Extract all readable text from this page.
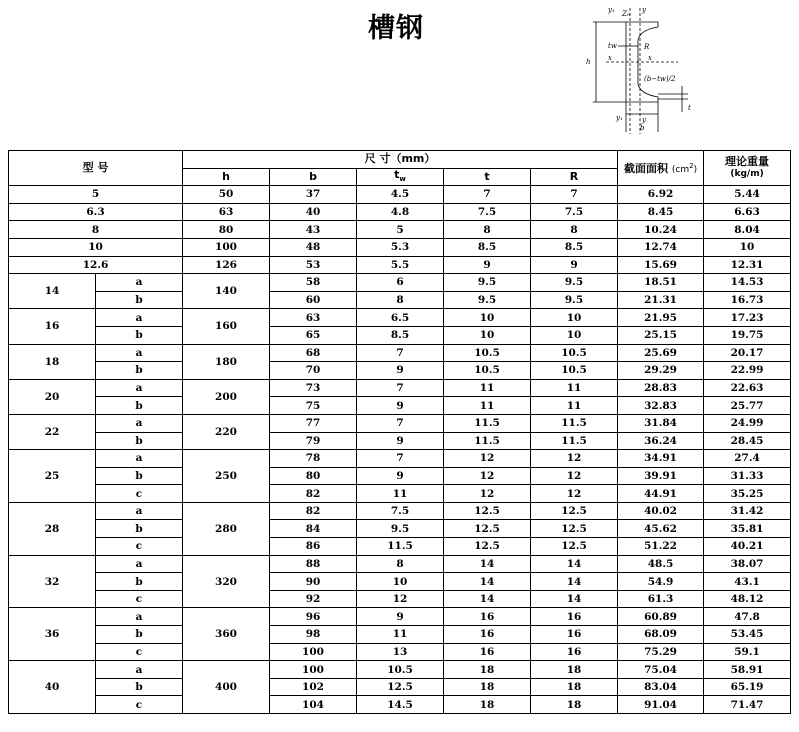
槽钢
y₁ Z₀ y
R
tw
x	x
h
(b−tw)/2
t
y₁	y
b
型 号		尺 寸（mm）					截面面积 $(cm^2)$	理论重量
(kg/m)

		h	b	$t_w$	t	R		
5		50	37	4.5	7	7	6.92	5.44
6.3		63	40	4.8	7.5	7.5	8.45	6.63
8		80	43	5	8	8	10.24	8.04
10		100	48	5.3	8.5	8.5	12.74	10
12.6		126	53	5.5	9	9	15.69	12.31
14	a	140	58	6	9.5	9.5	18.51	14.53
	b		60	8	9.5	9.5	21.31	16.73
16	a	160	63	6.5	10	10	21.95	17.23
	b		65	8.5	10	10	25.15	19.75
18	a	180	68	7	10.5	10.5	25.69	20.17
	b		70	9	10.5	10.5	29.29	22.99
20	a	200	73	7	11	11	28.83	22.63
	b		75	9	11	11	32.83	25.77
22	a	220	77	7	11.5	11.5	31.84	24.99
	b		79	9	11.5	11.5	36.24	28.45
25	a	250	78	7	12	12	34.91	27.4
	b		80	9	12	12	39.91	31.33
	c		82	11	12	12	44.91	35.25
28	a	280	82	7.5	12.5	12.5	40.02	31.42
	b		84	9.5	12.5	12.5	45.62	35.81
	c		86	11.5	12.5	12.5	51.22	40.21
32	a	320	88	8	14	14	48.5	38.07
	b		90	10	14	14	54.9	43.1
	c		92	12	14	14	61.3	48.12
36	a	360	96	9	16	16	60.89	47.8
	b		98	11	16	16	68.09	53.45
	c		100	13	16	16	75.29	59.1
40	a	400	100	10.5	18	18	75.04	58.91
	b		102	12.5	18	18	83.04	65.19
	c		104	14.5	18	18	91.04	71.47
